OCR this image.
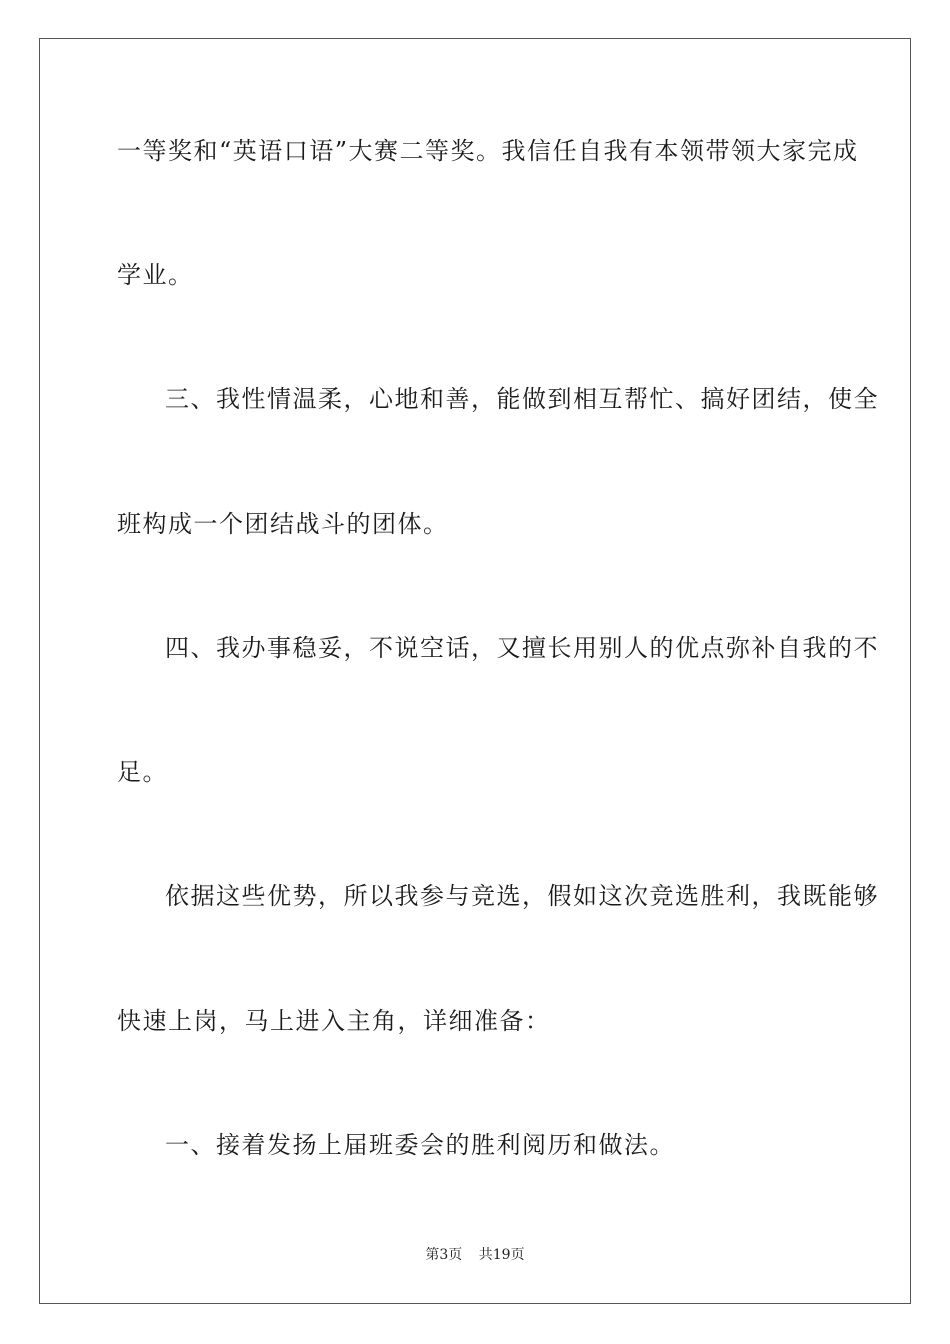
一等奖和“英语口语”大赛二等奖。我信任自我有本领带领大家完成
学业。
三、我性情温柔，心地和善，能做到相互帮忙、搞好团结，使全
班构成一个团结战斗的团体。
四、我办事稳妥，不说空话，又擅长用别人的优点弥补自我的不
足。
依据这些优势，所以我参与竞选，假如这次竞选胜利，我既能够
快速上岗，马上进入主角，详细准备：
一、接着发扬上届班委会的胜利阅历和做法。
第3页 共19页
